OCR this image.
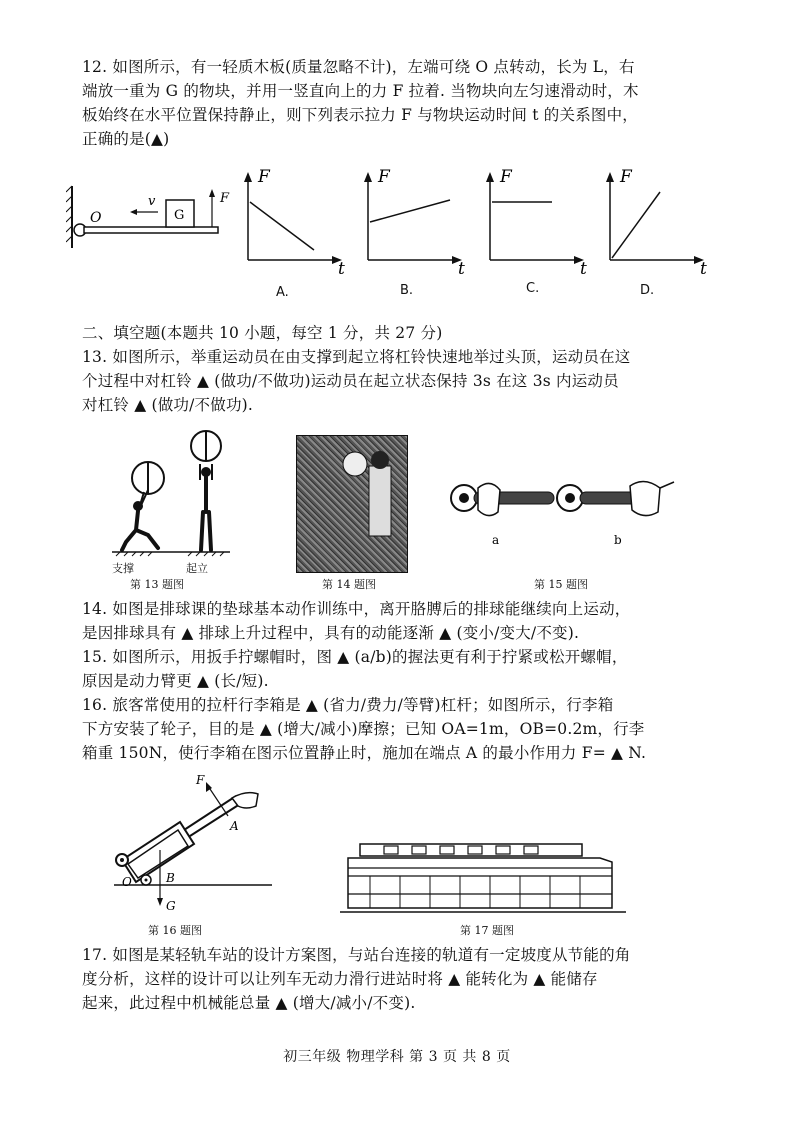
12. 如图所示，有一轻质木板(质量忽略不计)，左端可绕 O 点转动，长为 L，右
端放一重为 G 的物块，并用一竖直向上的力 F 拉着. 当物块向左匀速滑动时，木
板始终在水平位置保持静止，则下列表示拉力 F 与物块运动时间 t 的关系图中，
正确的是(▲)
O
v
G
F
F
t
F
t
F
t
F
t
A.	B.	C.	D.
二、填空题(本题共 10 小题，每空 1 分，共 27 分)
13. 如图所示，举重运动员在由支撑到起立将杠铃快速地举过头顶，运动员在这
个过程中对杠铃 ▲ (做功/不做功)运动员在起立状态保持 3s 在这 3s 内运动员
对杠铃 ▲ (做功/不做功).
支撑	起立
第 13 题图	第 14 题图
a	b
第 15 题图
14. 如图是排球课的垫球基本动作训练中，离开胳膊后的排球能继续向上运动，
是因排球具有 ▲ 排球上升过程中，具有的动能逐渐 ▲ (变小/变大/不变).
15. 如图所示，用扳手拧螺帽时，图 ▲ (a/b)的握法更有利于拧紧或松开螺帽，
原因是动力臂更 ▲ (长/短).
16. 旅客常使用的拉杆行李箱是 ▲ (省力/费力/等臂)杠杆；如图所示，行李箱
下方安装了轮子，目的是 ▲ (增大/减小)摩擦；已知 OA=1m，OB=0.2m，行李
箱重 150N，使行李箱在图示位置静止时，施加在端点 A 的最小作用力 F= ▲ N.
F
A
O	B
G
第 16 题图	第 17 题图
17. 如图是某轻轨车站的设计方案图，与站台连接的轨道有一定坡度从节能的角
度分析，这样的设计可以让列车无动力滑行进站时将 ▲ 能转化为 ▲ 能储存
起来，此过程中机械能总量 ▲ (增大/减小/不变).
初三年级 物理学科 第 3 页 共 8 页
